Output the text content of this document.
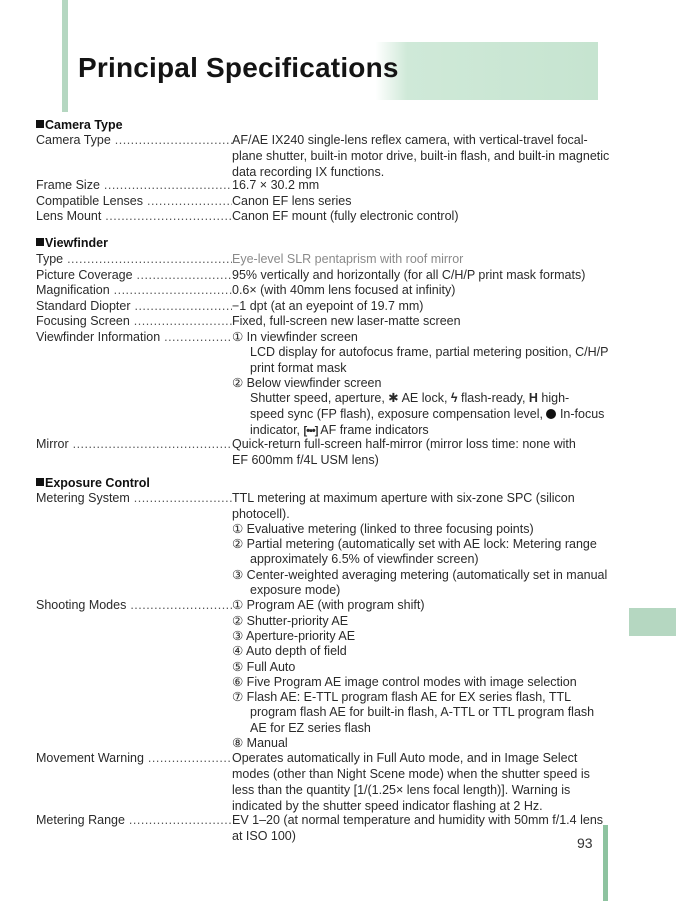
Principal Specifications
93
Camera Type
Camera Type .....	AF/AE IX240 single-lens reflex camera, with vertical-travel focal-
plane shutter, built-in motor drive, built-in flash, and built-in magnetic
data recording IX functions.

Frame Size .....	16.7 × 30.2 mm

Compatible Lenses .....	Canon EF lens series

Lens Mount .....	Canon EF mount (fully electronic control)

Viewfinder
Type .....	Eye-level SLR pentaprism with roof mirror

Picture Coverage .....	95% vertically and horizontally (for all C/H/P print mask formats)

Magnification .....	0.6× (with 40mm lens focused at infinity)

Standard Diopter .....	−1 dpt (at an eyepoint of 19.7 mm)

Focusing Screen .....	Fixed, full-screen new laser-matte screen

Viewfinder Information .....	① In viewfinder screen

LCD display for autofocus frame, partial metering position, C/H/P
print format mask

② Below viewfinder screen

Shutter speed, aperture, ✱ AE lock, ϟ flash-ready, H high-
speed sync (FP flash), exposure compensation level, In-focus
indicator, [•▪•] AF frame indicators

Mirror .....	Quick-return full-screen half-mirror (mirror loss time: none with
EF 600mm f/4L USM lens)

Exposure Control
Metering System .....	TTL metering at maximum aperture with six-zone SPC (silicon
photocell).

① Evaluative metering (linked to three focusing points)

② Partial metering (automatically set with AE lock: Metering range

approximately 6.5% of viewfinder screen)

③ Center-weighted averaging metering (automatically set in manual

exposure mode)

Shooting Modes .....	① Program AE (with program shift)

② Shutter-priority AE

③ Aperture-priority AE

④ Auto depth of field

⑤ Full Auto

⑥ Five Program AE image control modes with image selection

⑦ Flash AE: E-TTL program flash AE for EX series flash, TTL

program flash AE for built-in flash, A-TTL or TTL program flash
AE for EZ series flash

⑧ Manual

Movement Warning .....	Operates automatically in Full Auto mode, and in Image Select
modes (other than Night Scene mode) when the shutter speed is
less than the quantity [1/(1.25× lens focal length)]. Warning is
indicated by the shutter speed indicator flashing at 2 Hz.

Metering Range .....	EV 1–20 (at normal temperature and humidity with 50mm f/1.4 lens
at ISO 100)
